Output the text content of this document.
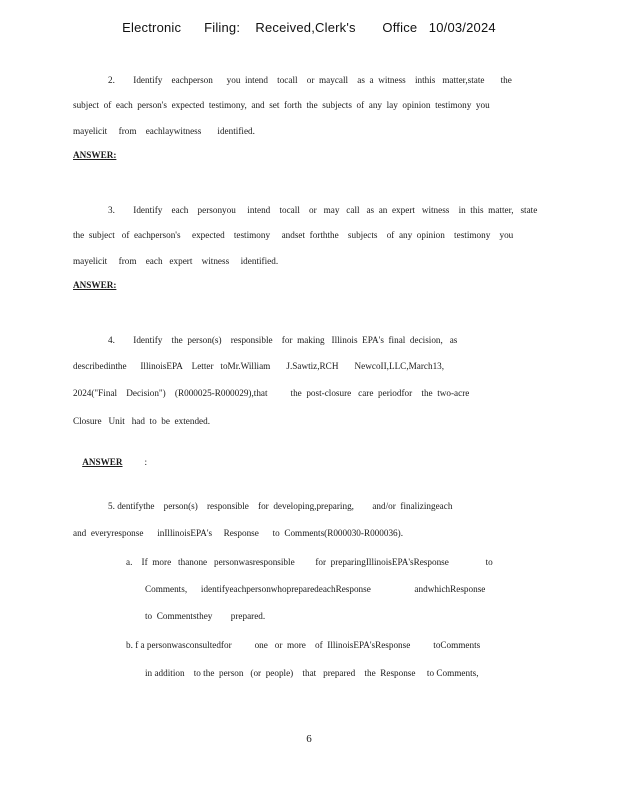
Electronic      Filing:    Received,Clerk's       Office   10/03/2024
2.        Identify    eachperson      you  intend    tocall    or  maycall    as  a  witness    inthis   matter,state       the
subject  of  each  person's  expected  testimony,  and  set  forth  the  subjects  of  any  lay  opinion  testimony  you
mayelicit     from    eachlaywitness       identified.
ANSWER:
3.        Identify    each    personyou     intend    tocall    or   may   call   as  an  expert   witness    in  this  matter,   state
the  subject   of  eachperson's     expected    testimony     andset  forththe    subjects    of  any  opinion    testimony    you
mayelicit     from    each   expert    witness     identified.
ANSWER:
4.        Identify    the  person(s)    responsible    for  making   Illinois  EPA's  final  decision,   as
describedinthe      IllinoisEPA    Letter   toMr.William       J.Sawtiz,RCH       NewcoII,LLC,March13,
2024("Final    Decision")    (R000025-R000029),that          the  post-closure   care  periodfor    the  two-acre
Closure   Unit   had  to  be  extended.

ANSWER :

5. dentifythe    person(s)    responsible    for  developing,preparing,        and/or  finalizingeach
and  everyresponse      inIllinoisEPA's     Response      to  Comments(R000030-R000036).
a.    If  more   thanone   personwasresponsible         for  preparingIllinoisEPA'sResponse                to
Comments,      identifyeachpersonwhopreparedeachResponse                   andwhichResponse
to  Commentsthey        prepared.
b. f a personwasconsultedfor          one   or  more    of  IllinoisEPA'sResponse          toComments
in addition    to the  person   (or  people)    that   prepared    the  Response     to Comments,
6
